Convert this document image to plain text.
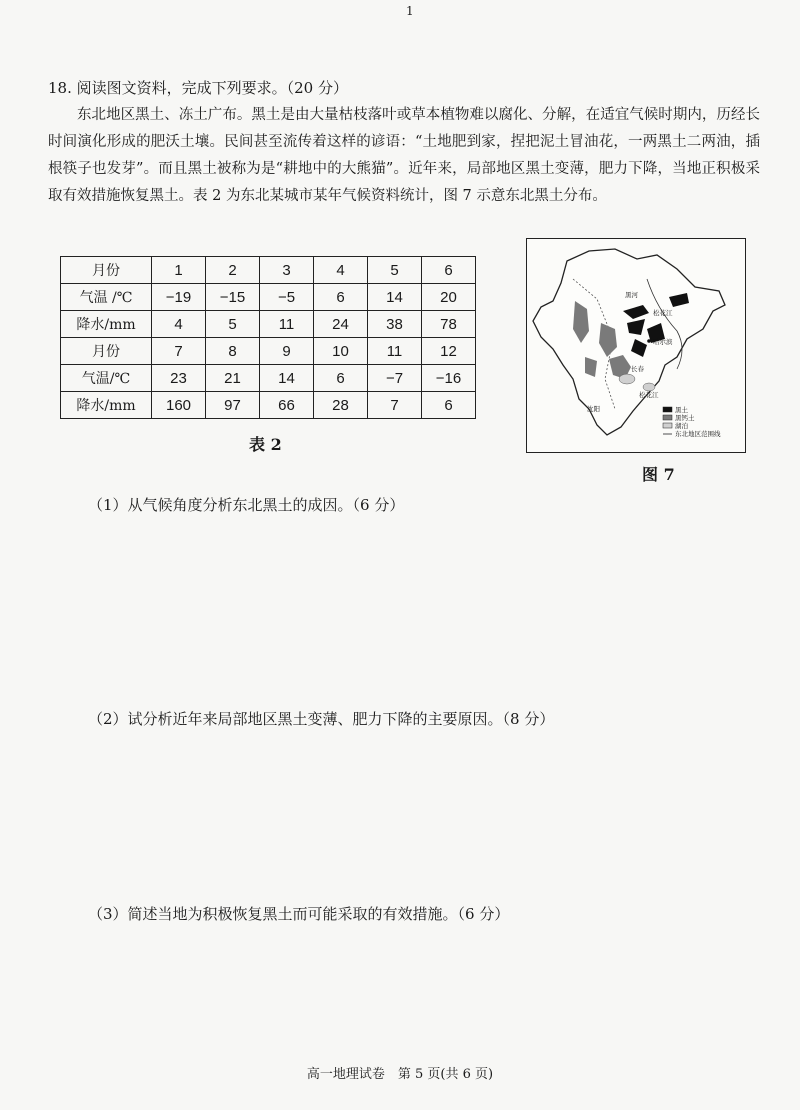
1
18. 阅读图文资料，完成下列要求。（20 分）

东北地区黑土、冻土广布。黑土是由大量枯枝落叶或草本植物难以腐化、分解，在适宜气候时期内，历经长时间演化形成的肥沃土壤。民间甚至流传着这样的谚语：“土地肥到家，捏把泥土冒油花，一两黑土二两油，插根筷子也发芽”。而且黑土被称为是“耕地中的大熊猫”。近年来，局部地区黑土变薄，肥力下降，当地正积极采取有效措施恢复黑土。表 2 为东北某城市某年气候资料统计，图 7 示意东北黑土分布。

月份	1	2	3	4	5	6
气温 /℃	−19	−15	−5	6	14	20
降水/mm	4	5	11	24	38	78
月份	7	8	9	10	11	12
气温/℃	23	21	14	6	−7	−16
降水/mm	160	97	66	28	7	6
表 2
黑河
松花江
哈尔滨
长春
松花江
沈阳	黑土
黑钙土
湖泊
东北地区范围线
图 7
（1）从气候角度分析东北黑土的成因。（6 分）
（2）试分析近年来局部地区黑土变薄、肥力下降的主要原因。（8 分）
（3）简述当地为积极恢复黑土而可能采取的有效措施。（6 分）
高一地理试卷　第 5 页(共 6 页)
